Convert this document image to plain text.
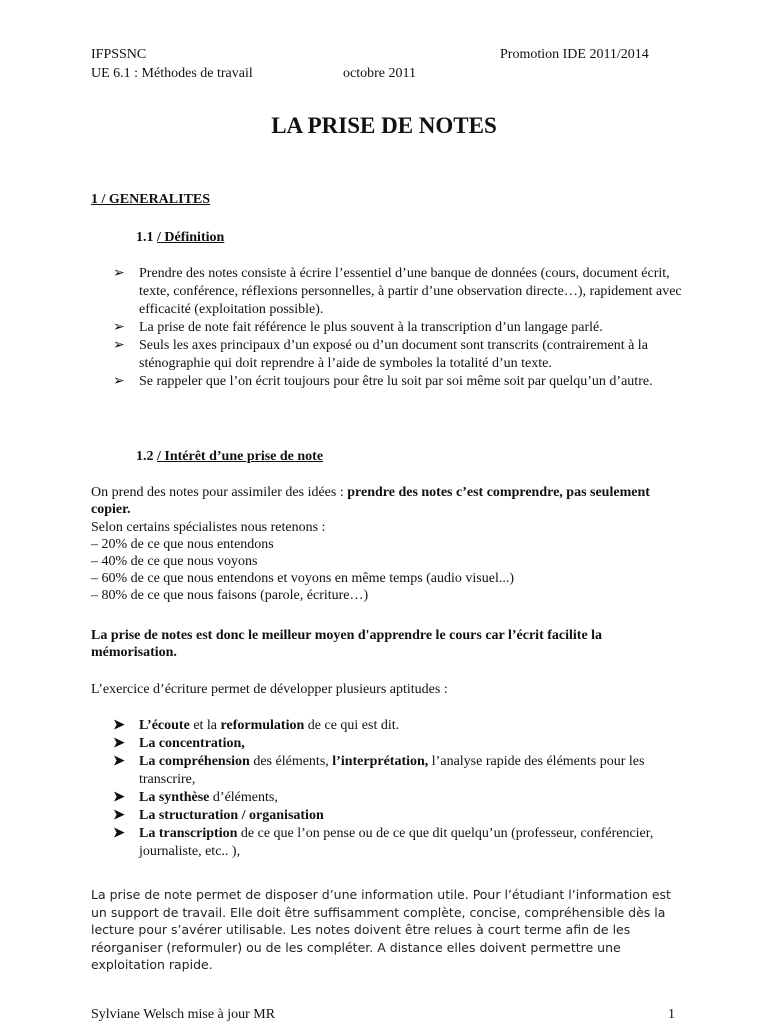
IFPSSNC	Promotion IDE 2011/2014
UE 6.1 : Méthodes de travail	octobre 2011
LA PRISE DE NOTES
1 / GENERALITES
1.1 / Définition
➢	Prendre des notes consiste à écrire l’essentiel d’une banque de données (cours, document écrit, texte, conférence, réflexions personnelles, à partir d’une observation directe…), rapidement avec efficacité (exploitation possible).
➢	La prise de note fait référence le plus souvent à la transcription d’un langage parlé.
➢	Seuls les axes principaux d’un exposé ou d’un document sont transcrits (contrairement à la sténographie qui doit reprendre à l’aide de symboles la totalité d’un texte.
➢	Se rappeler que l’on écrit toujours pour être lu soit par soi même soit par quelqu’un d’autre.
1.2 / Intérêt d’une prise de note
On prend des notes pour assimiler des idées : prendre des notes c’est comprendre, pas seulement copier.
Selon certains spécialistes nous retenons :
– 20% de ce que nous entendons
– 40% de ce que nous voyons
– 60% de ce que nous entendons et voyons en même temps (audio visuel...)
– 80% de ce que nous faisons (parole, écriture…)
La prise de notes est donc le meilleur moyen d'apprendre le cours car l’écrit facilite la mémorisation.
L’exercice d’écriture permet de développer plusieurs aptitudes :
➤	L’écoute et la reformulation de ce qui est dit.
➤	La concentration,
➤	La compréhension des éléments, l’interprétation, l’analyse rapide des éléments pour les transcrire,
➤	La synthèse d’éléments,
➤	La structuration / organisation
➤	La transcription de ce que l’on pense ou de ce que dit quelqu’un (professeur, conférencier, journaliste, etc.. ),
La prise de note permet de disposer d’une information utile. Pour l’étudiant l’information est un support de travail. Elle doit être suffisamment complète, concise, compréhensible dès la lecture pour s’avérer utilisable. Les notes doivent être relues à court terme afin de les réorganiser (reformuler) ou de les compléter. A distance elles doivent permettre une exploitation rapide.
Sylviane Welsch mise à jour MR	1
